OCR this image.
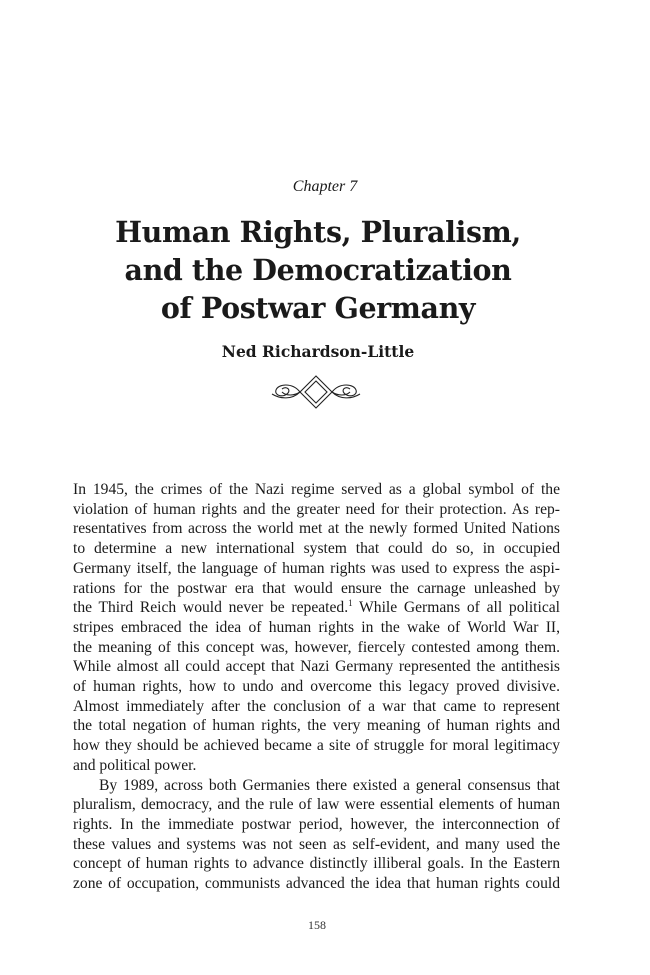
Chapter 7
Human Rights, Pluralism,
and the Democratization
of Postwar Germany
Ned Richardson-Little
In 1945, the crimes of the Nazi regime served as a global symbol of the
violation of human rights and the greater need for their protection. As rep-
resentatives from across the world met at the newly formed United Nations
to determine a new international system that could do so, in occupied
Germany itself, the language of human rights was used to express the aspi-
rations for the postwar era that would ensure the carnage unleashed by
the Third Reich would never be repeated.$^1$ While Germans of all political
stripes embraced the idea of human rights in the wake of World War II,
the meaning of this concept was, however, fiercely contested among them.
While almost all could accept that Nazi Germany represented the antithesis
of human rights, how to undo and overcome this legacy proved divisive.
Almost immediately after the conclusion of a war that came to represent
the total negation of human rights, the very meaning of human rights and
how they should be achieved became a site of struggle for moral legitimacy
and political power.
By 1989, across both Germanies there existed a general consensus that
pluralism, democracy, and the rule of law were essential elements of human
rights. In the immediate postwar period, however, the interconnection of
these values and systems was not seen as self-evident, and many used the
concept of human rights to advance distinctly illiberal goals. In the Eastern
zone of occupation, communists advanced the idea that human rights could
158
